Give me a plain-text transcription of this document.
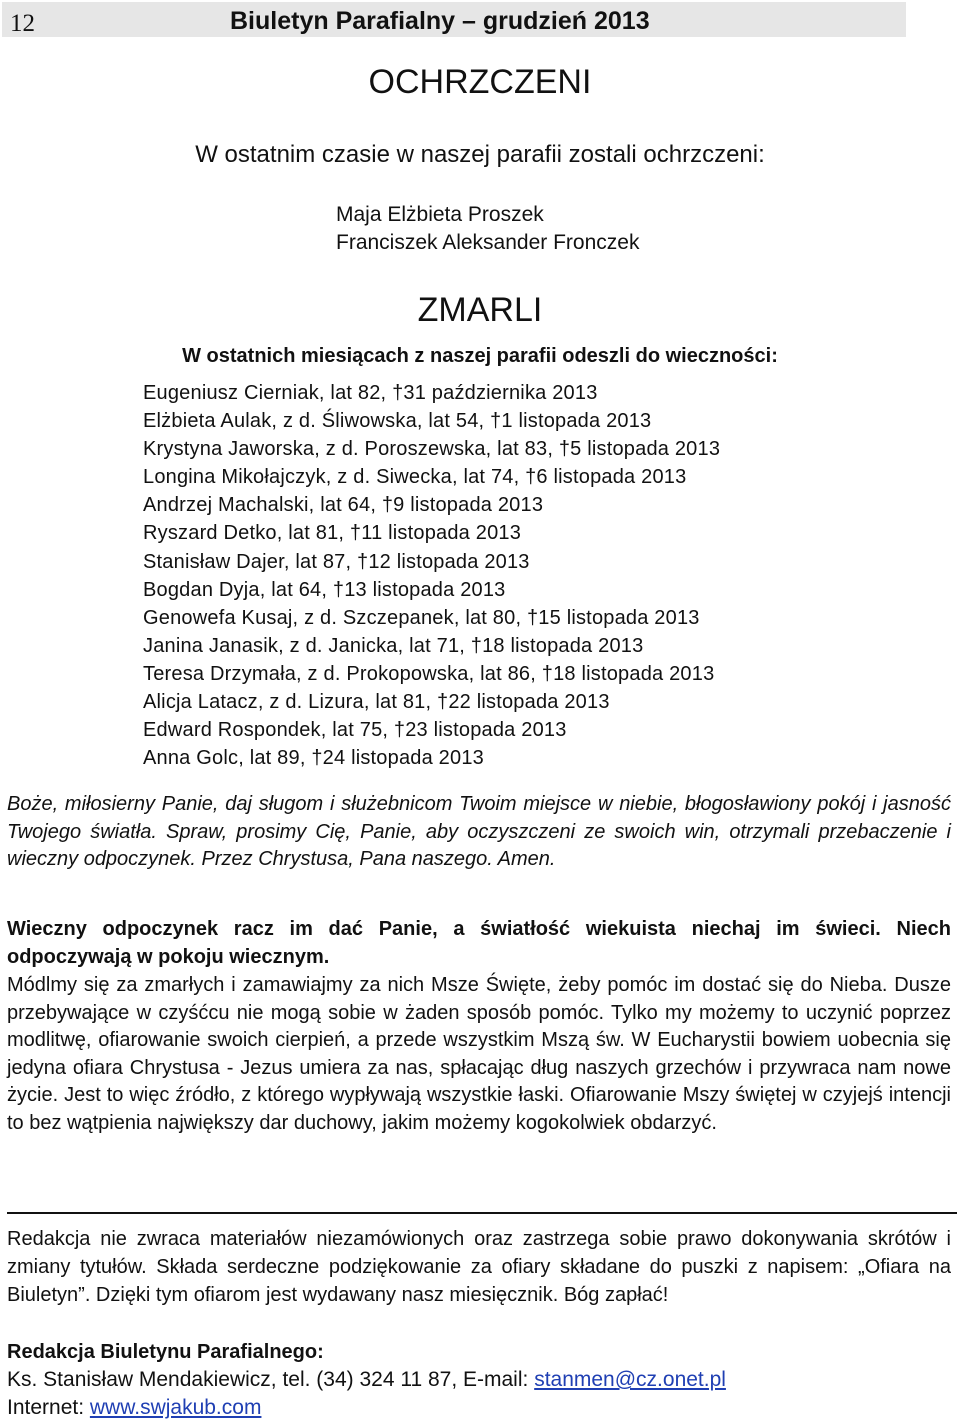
12	Biuletyn Parafialny – grudzień 2013
OCHRZCZENI
W ostatnim czasie w naszej parafii zostali ochrzczeni:
Maja Elżbieta Proszek
Franciszek Aleksander Fronczek
ZMARLI
W ostatnich miesiącach z naszej parafii odeszli do wieczności:
Eugeniusz Cierniak, lat 82, †31 października 2013
Elżbieta Aulak, z d. Śliwowska, lat 54, †1 listopada 2013
Krystyna Jaworska, z d. Poroszewska, lat 83, †5 listopada 2013
Longina Mikołajczyk, z d. Siwecka, lat 74, †6 listopada 2013
Andrzej Machalski, lat 64, †9 listopada 2013
Ryszard Detko, lat 81, †11 listopada 2013
Stanisław Dajer, lat 87, †12 listopada 2013
Bogdan Dyja, lat 64, †13 listopada 2013
Genowefa Kusaj, z d. Szczepanek, lat 80, †15 listopada 2013
Janina Janasik, z d. Janicka, lat 71, †18 listopada 2013
Teresa Drzymała, z d. Prokopowska, lat 86, †18 listopada 2013
Alicja Latacz, z d. Lizura, lat 81, †22 listopada 2013
Edward Rospondek, lat 75, †23 listopada 2013
Anna Golc, lat 89, †24 listopada 2013
Boże, miłosierny Panie, daj sługom i służebnicom Twoim miejsce w niebie, błogosławiony pokój i jasność Twojego światła. Spraw, prosimy Cię, Panie, aby oczyszczeni ze swoich win, otrzymali przebaczenie i wieczny odpoczynek. Przez Chrystusa, Pana naszego. Amen.
Wieczny odpoczynek racz im dać Panie, a światłość wiekuista niechaj im świeci. Niech odpoczywają w pokoju wiecznym.
Módlmy się za zmarłych i zamawiajmy za nich Msze Święte, żeby pomóc im dostać się do Nieba. Dusze przebywające w czyśćcu nie mogą sobie w żaden sposób pomóc. Tylko my możemy to uczynić poprzez modlitwę, ofiarowanie swoich cierpień, a przede wszystkim Mszą św. W Eucharystii bowiem uobecnia się jedyna ofiara Chrystusa - Jezus umiera za nas, spłacając dług naszych grzechów i przywraca nam nowe życie. Jest to więc źródło, z którego wypływają wszystkie łaski. Ofiarowanie Mszy świętej w czyjejś intencji to bez wątpienia największy dar duchowy, jakim możemy kogokolwiek obdarzyć.
Redakcja nie zwraca materiałów niezamówionych oraz zastrzega sobie prawo dokonywania skrótów i zmiany tytułów. Składa serdeczne podziękowanie za ofiary składane do puszki z napisem: „Ofiara na Biuletyn”. Dzięki tym ofiarom jest wydawany nasz miesięcznik. Bóg zapłać!
Redakcja Biuletynu Parafialnego:
Ks. Stanisław Mendakiewicz, tel. (34) 324 11 87, E-mail: stanmen@cz.onet.pl
Internet: www.swjakub.com
